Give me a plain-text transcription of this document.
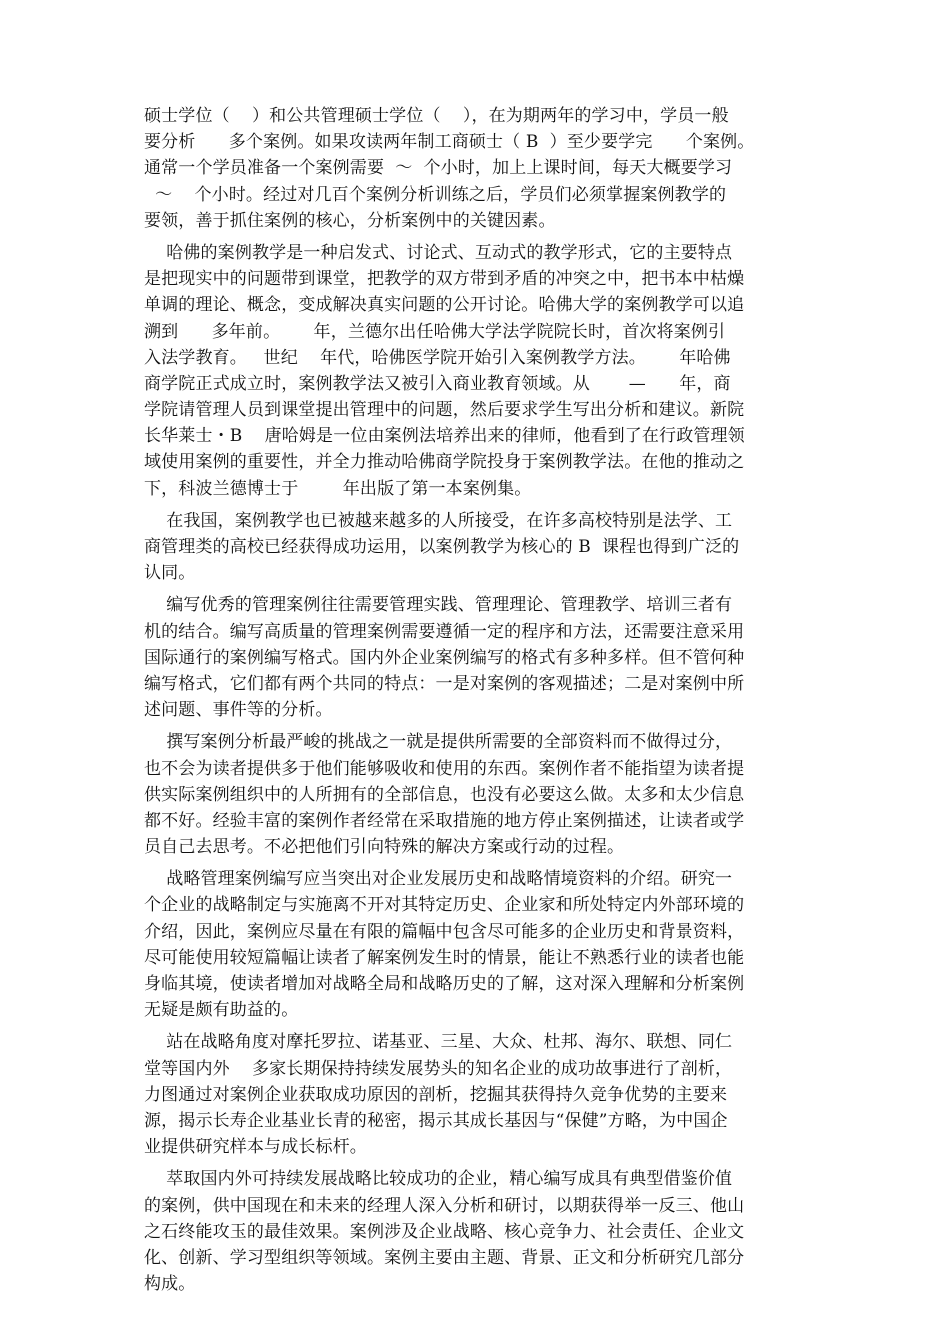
硕士学位（    ）和公共管理硕士学位（    ），在为期两年的学习中，学员一般
要分析      多个案例。如果攻读两年制工商硕士（ B  ）至少要学完      个案例。
通常一个学员准备一个案例需要  ～  个小时，加上上课时间，每天大概要学习
～    个小时。经过对几百个案例分析训练之后，学员们必须掌握案例教学的
要领，善于抓住案例的核心，分析案例中的关键因素。
哈佛的案例教学是一种启发式、讨论式、互动式的教学形式，它的主要特点
是把现实中的问题带到课堂，把教学的双方带到矛盾的冲突之中，把书本中枯燥
单调的理论、概念，变成解决真实问题的公开讨论。哈佛大学的案例教学可以追
溯到      多年前。      年，兰德尔出任哈佛大学法学院院长时，首次将案例引
入法学教育。   世纪    年代，哈佛医学院开始引入案例教学方法。      年哈佛
商学院正式成立时，案例教学法又被引入商业教育领域。从       —      年，商
学院请管理人员到课堂提出管理中的问题，然后要求学生写出分析和建议。新院
长华莱士・B    唐哈姆是一位由案例法培养出来的律师，他看到了在行政管理领
域使用案例的重要性，并全力推动哈佛商学院投身于案例教学法。在他的推动之
下，科波兰德博士于        年出版了第一本案例集。
在我国，案例教学也已被越来越多的人所接受，在许多高校特别是法学、工
商管理类的高校已经获得成功运用，以案例教学为核心的 B  课程也得到广泛的
认同。
编写优秀的管理案例往往需要管理实践、管理理论、管理教学、培训三者有
机的结合。编写高质量的管理案例需要遵循一定的程序和方法，还需要注意采用
国际通行的案例编写格式。国内外企业案例编写的格式有多种多样。但不管何种
编写格式，它们都有两个共同的特点：一是对案例的客观描述；二是对案例中所
述问题、事件等的分析。
撰写案例分析最严峻的挑战之一就是提供所需要的全部资料而不做得过分，
也不会为读者提供多于他们能够吸收和使用的东西。案例作者不能指望为读者提
供实际案例组织中的人所拥有的全部信息，也没有必要这么做。太多和太少信息
都不好。经验丰富的案例作者经常在采取措施的地方停止案例描述，让读者或学
员自己去思考。不必把他们引向特殊的解决方案或行动的过程。
战略管理案例编写应当突出对企业发展历史和战略情境资料的介绍。研究一
个企业的战略制定与实施离不开对其特定历史、企业家和所处特定内外部环境的
介绍，因此，案例应尽量在有限的篇幅中包含尽可能多的企业历史和背景资料，
尽可能使用较短篇幅让读者了解案例发生时的情景，能让不熟悉行业的读者也能
身临其境，使读者增加对战略全局和战略历史的了解，这对深入理解和分析案例
无疑是颇有助益的。
站在战略角度对摩托罗拉、诺基亚、三星、大众、杜邦、海尔、联想、同仁
堂等国内外    多家长期保持持续发展势头的知名企业的成功故事进行了剖析，
力图通过对案例企业获取成功原因的剖析，挖掘其获得持久竞争优势的主要来
源，揭示长寿企业基业长青的秘密，揭示其成长基因与“保健”方略，为中国企
业提供研究样本与成长标杆。
萃取国内外可持续发展战略比较成功的企业，精心编写成具有典型借鉴价值
的案例，供中国现在和未来的经理人深入分析和研讨，以期获得举一反三、他山
之石终能攻玉的最佳效果。案例涉及企业战略、核心竞争力、社会责任、企业文
化、创新、学习型组织等领域。案例主要由主题、背景、正文和分析研究几部分
构成。
